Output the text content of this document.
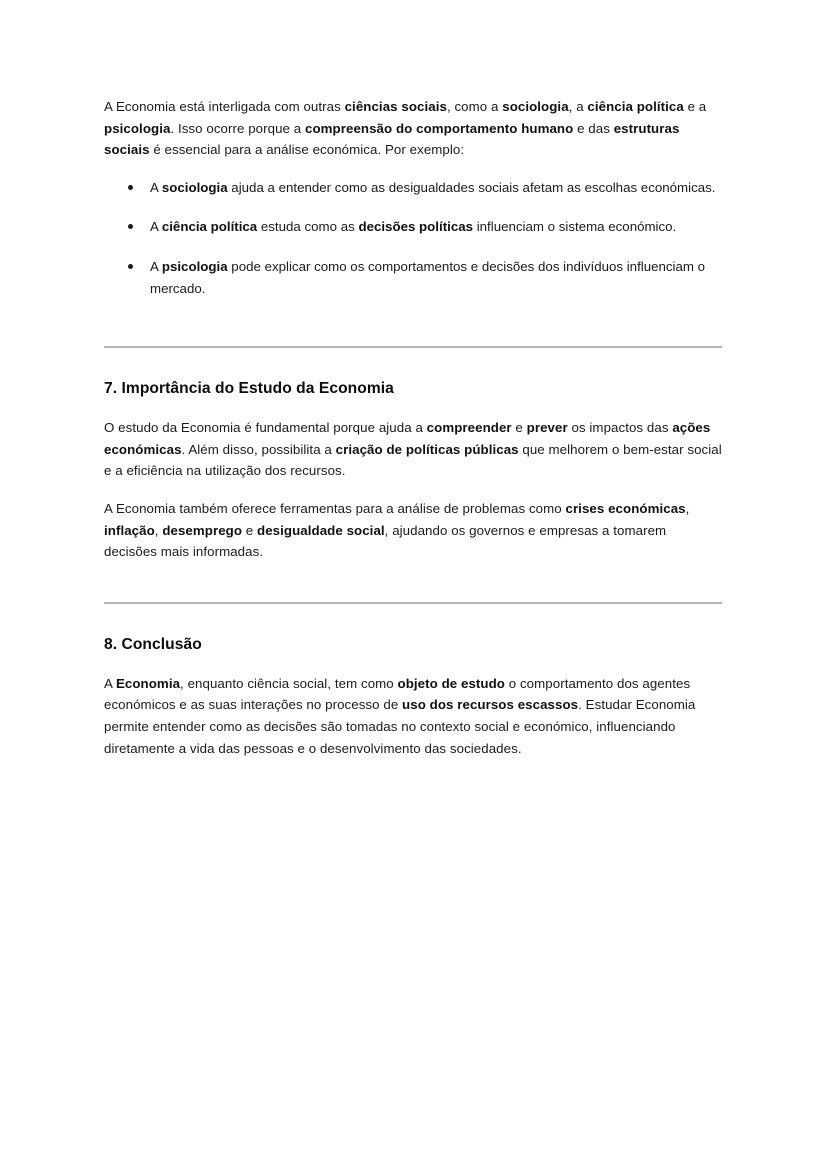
A Economia está interligada com outras ciências sociais, como a sociologia, a ciência política e a psicologia. Isso ocorre porque a compreensão do comportamento humano e das estruturas sociais é essencial para a análise económica. Por exemplo:

A sociologia ajuda a entender como as desigualdades sociais afetam as escolhas económicas.
A ciência política estuda como as decisões políticas influenciam o sistema económico.
A psicologia pode explicar como os comportamentos e decisões dos indivíduos influenciam o mercado.
7. Importância do Estudo da Economia

O estudo da Economia é fundamental porque ajuda a compreender e prever os impactos das ações económicas. Além disso, possibilita a criação de políticas públicas que melhorem o bem-estar social e a eficiência na utilização dos recursos.

A Economia também oferece ferramentas para a análise de problemas como crises económicas, inflação, desemprego e desigualdade social, ajudando os governos e empresas a tomarem decisões mais informadas.

8. Conclusão

A Economia, enquanto ciência social, tem como objeto de estudo o comportamento dos agentes económicos e as suas interações no processo de uso dos recursos escassos. Estudar Economia permite entender como as decisões são tomadas no contexto social e económico, influenciando diretamente a vida das pessoas e o desenvolvimento das sociedades.
